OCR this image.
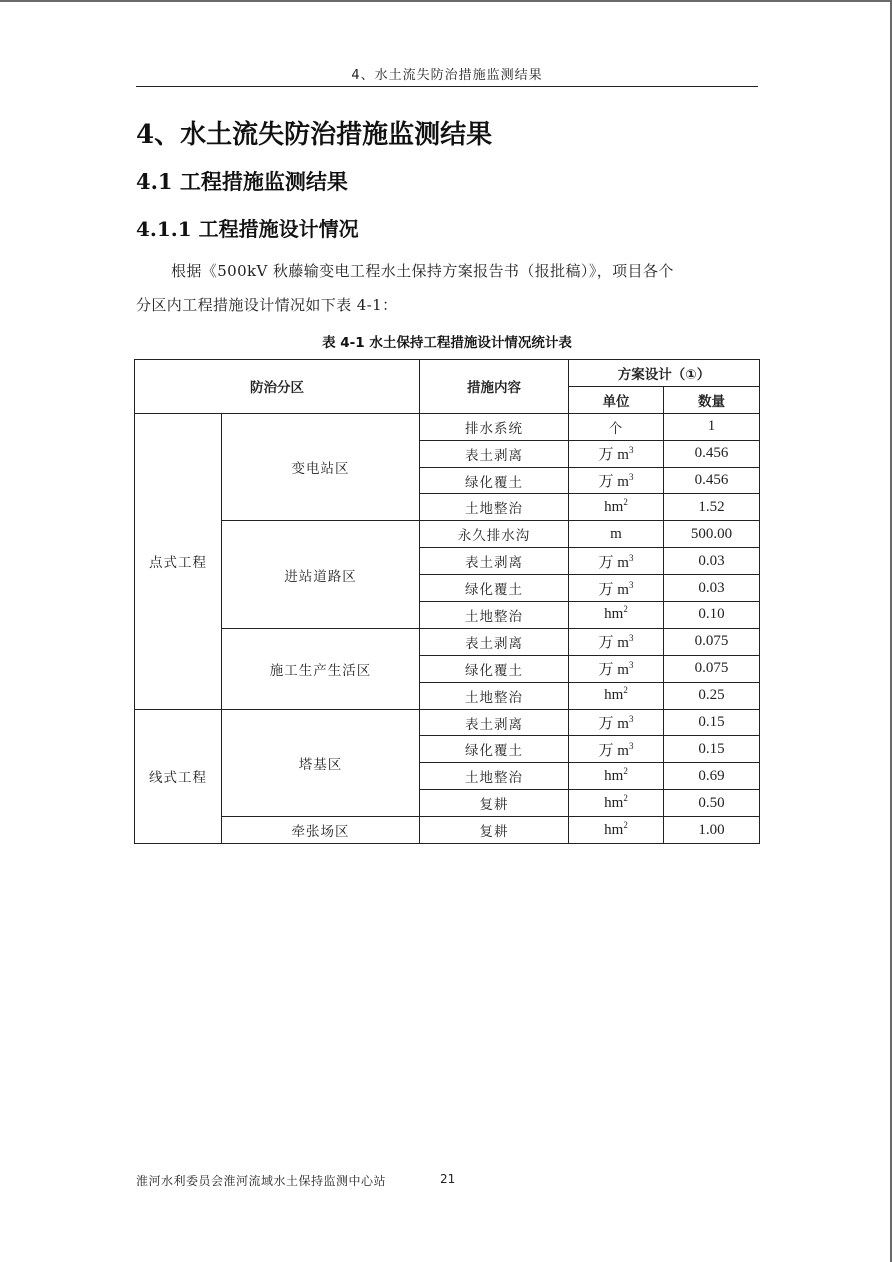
4、水土流失防治措施监测结果
4、水土流失防治措施监测结果
4.1 工程措施监测结果
4.1.1 工程措施设计情况
根据《500kV 秋藤输变电工程水土保持方案报告书（报批稿）》，项目各个
分区内工程措施设计情况如下表 4-1：
表 4-1 水土保持工程措施设计情况统计表
防治分区		措施内容	方案设计（①）	
			单位	数量
点式工程	变电站区	排水系统	个	1
		表土剥离	万 $m^3$	0.456
		绿化覆土	万 $m^3$	0.456
		土地整治	$hm^2$	1.52
	进站道路区	永久排水沟	m	500.00
		表土剥离	万 $m^3$	0.03
		绿化覆土	万 $m^3$	0.03
		土地整治	$hm^2$	0.10
	施工生产生活区	表土剥离	万 $m^3$	0.075
		绿化覆土	万 $m^3$	0.075
		土地整治	$hm^2$	0.25
线式工程	塔基区	表土剥离	万 $m^3$	0.15
		绿化覆土	万 $m^3$	0.15
		土地整治	$hm^2$	0.69
		复耕	$hm^2$	0.50
	牵张场区	复耕	$hm^2$	1.00
淮河水利委员会淮河流域水土保持监测中心站	21
